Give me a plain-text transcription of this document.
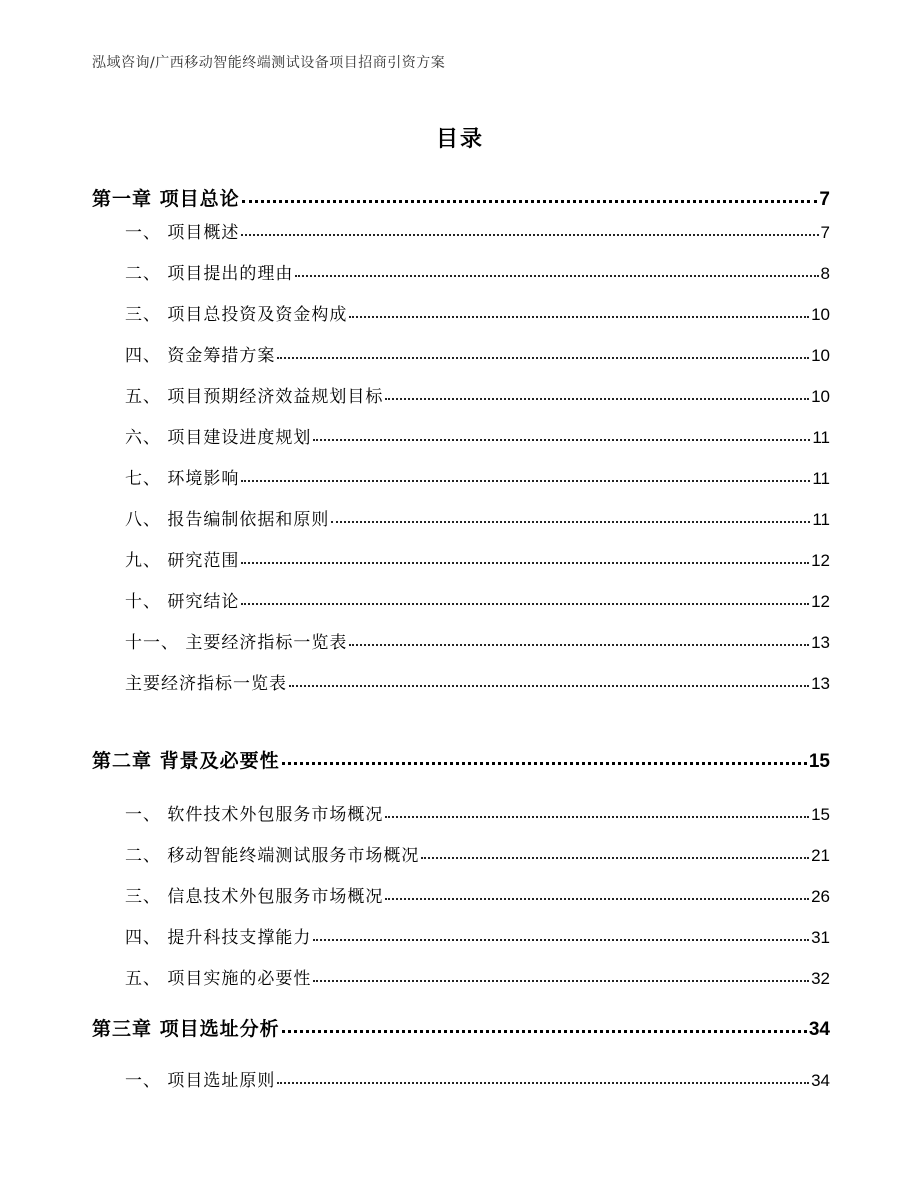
泓域咨询/广西移动智能终端测试设备项目招商引资方案
目录
第一章 项目总论	7
一、 项目概述	7
二、 项目提出的理由	8
三、 项目总投资及资金构成	10
四、 资金筹措方案	10
五、 项目预期经济效益规划目标	10
六、 项目建设进度规划	11
七、 环境影响	11
八、 报告编制依据和原则	11
九、 研究范围	12
十、 研究结论	12
十一、 主要经济指标一览表	13
主要经济指标一览表	13
第二章 背景及必要性	15
一、 软件技术外包服务市场概况	15
二、 移动智能终端测试服务市场概况	21
三、 信息技术外包服务市场概况	26
四、 提升科技支撑能力	31
五、 项目实施的必要性	32
第三章 项目选址分析	34
一、 项目选址原则	34
